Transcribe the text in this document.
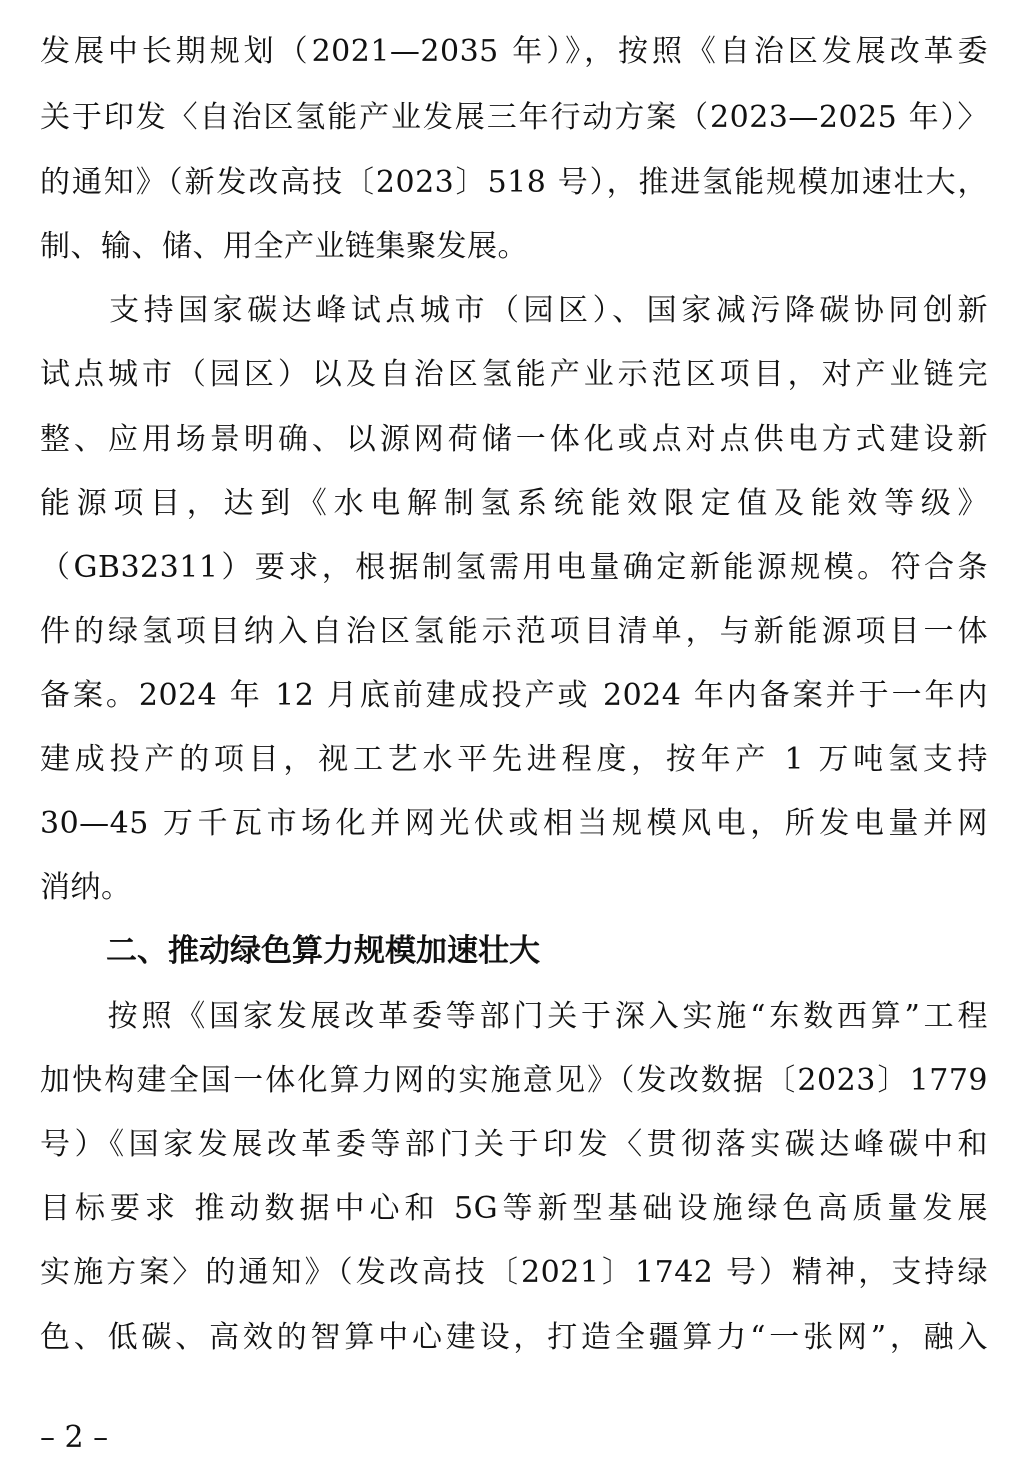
发展中长期规划（2021—2035 年）》，按照《自治区发展改革委
关于印发〈自治区氢能产业发展三年行动方案（2023—2025 年）〉
的通知》（新发改高技〔2023〕518 号），推进氢能规模加速壮大，
制、输、储、用全产业链集聚发展。
　　支持国家碳达峰试点城市（园区）、国家减污降碳协同创新
试点城市（园区）以及自治区氢能产业示范区项目，对产业链完
整、应用场景明确、以源网荷储一体化或点对点供电方式建设新
能源项目，达到《水电解制氢系统能效限定值及能效等级》
（GB32311）要求，根据制氢需用电量确定新能源规模。符合条
件的绿氢项目纳入自治区氢能示范项目清单，与新能源项目一体
备案。2024 年 12 月底前建成投产或 2024 年内备案并于一年内
建成投产的项目，视工艺水平先进程度，按年产 1 万吨氢支持
30—45 万千瓦市场化并网光伏或相当规模风电，所发电量并网
消纳。
二、推动绿色算力规模加速壮大
　　按照《国家发展改革委等部门关于深入实施“东数西算”工程
加快构建全国一体化算力网的实施意见》（发改数据〔2023〕1779
号）《国家发展改革委等部门关于印发〈贯彻落实碳达峰碳中和
目标要求 推动数据中心和 5G等新型基础设施绿色高质量发展
实施方案〉的通知》（发改高技〔2021〕1742 号）精神，支持绿
色、低碳、高效的智算中心建设，打造全疆算力“一张网”，融入
– 2 –
